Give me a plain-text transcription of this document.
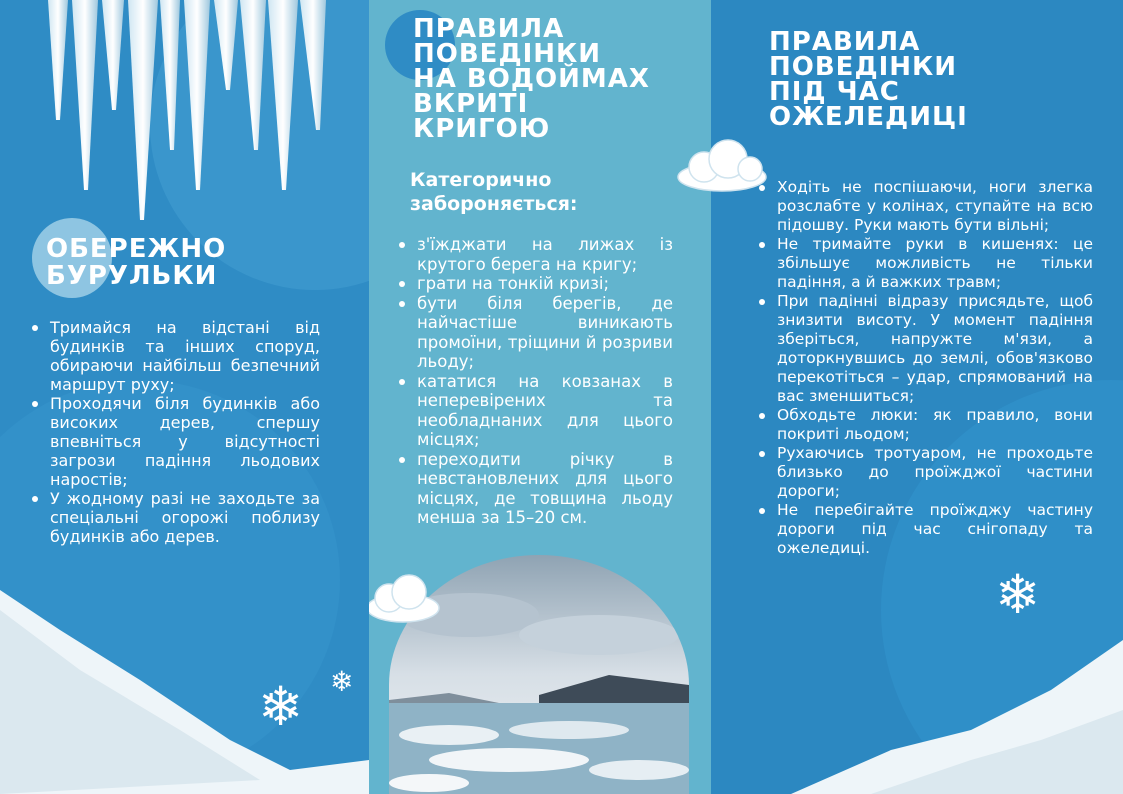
ОБЕРЕЖНО
БУРУЛЬКИ
Тримайся на відстані від будинків та інших споруд, обираючи найбільш безпечний маршрут руху;
Проходячи біля будинків або високих дерев, спершу впевніться у відсутності загрози падіння льодових наростів;
У жодному разі не заходьте за спеціальні огорожі поблизу будинків або дерев.
❄ ❄
ПРАВИЛА
ПОВЕДІНКИ
НА ВОДОЙМАХ
ВКРИТІ
КРИГОЮ

Категорично
забороняється:

з'їжджати на лижах із крутого берега на кригу;
грати на тонкій кризі;
бути біля берегів, де найчастіше виникають промоїни, тріщини й розриви льоду;
кататися на ковзанах в неперевірених та необладнаних для цього місцях;
переходити річку в невстановлених для цього місцях, де товщина льоду менша за 15–20 см.
ПРАВИЛА
ПОВЕДІНКИ
ПІД ЧАС
ОЖЕЛЕДИЦІ
Ходіть не поспішаючи, ноги злегка розслабте у колінах, ступайте на всю підошву. Руки мають бути вільні;
Не тримайте руки в кишенях: це збільшує можливість не тільки падіння, а й важких травм;
При падінні відразу присядьте, щоб знизити висоту. У момент падіння зберіться, напружте м'язи, а доторкнувшись до землі, обов'язково перекотіться – удар, спрямований на вас зменшиться;
Обходьте люки: як правило, вони покриті льодом;
Рухаючись тротуаром, не проходьте близько до проїжджої частини дороги;
Не перебігайте проїжджу частину дороги під час снігопаду та ожеледиці.
❄
